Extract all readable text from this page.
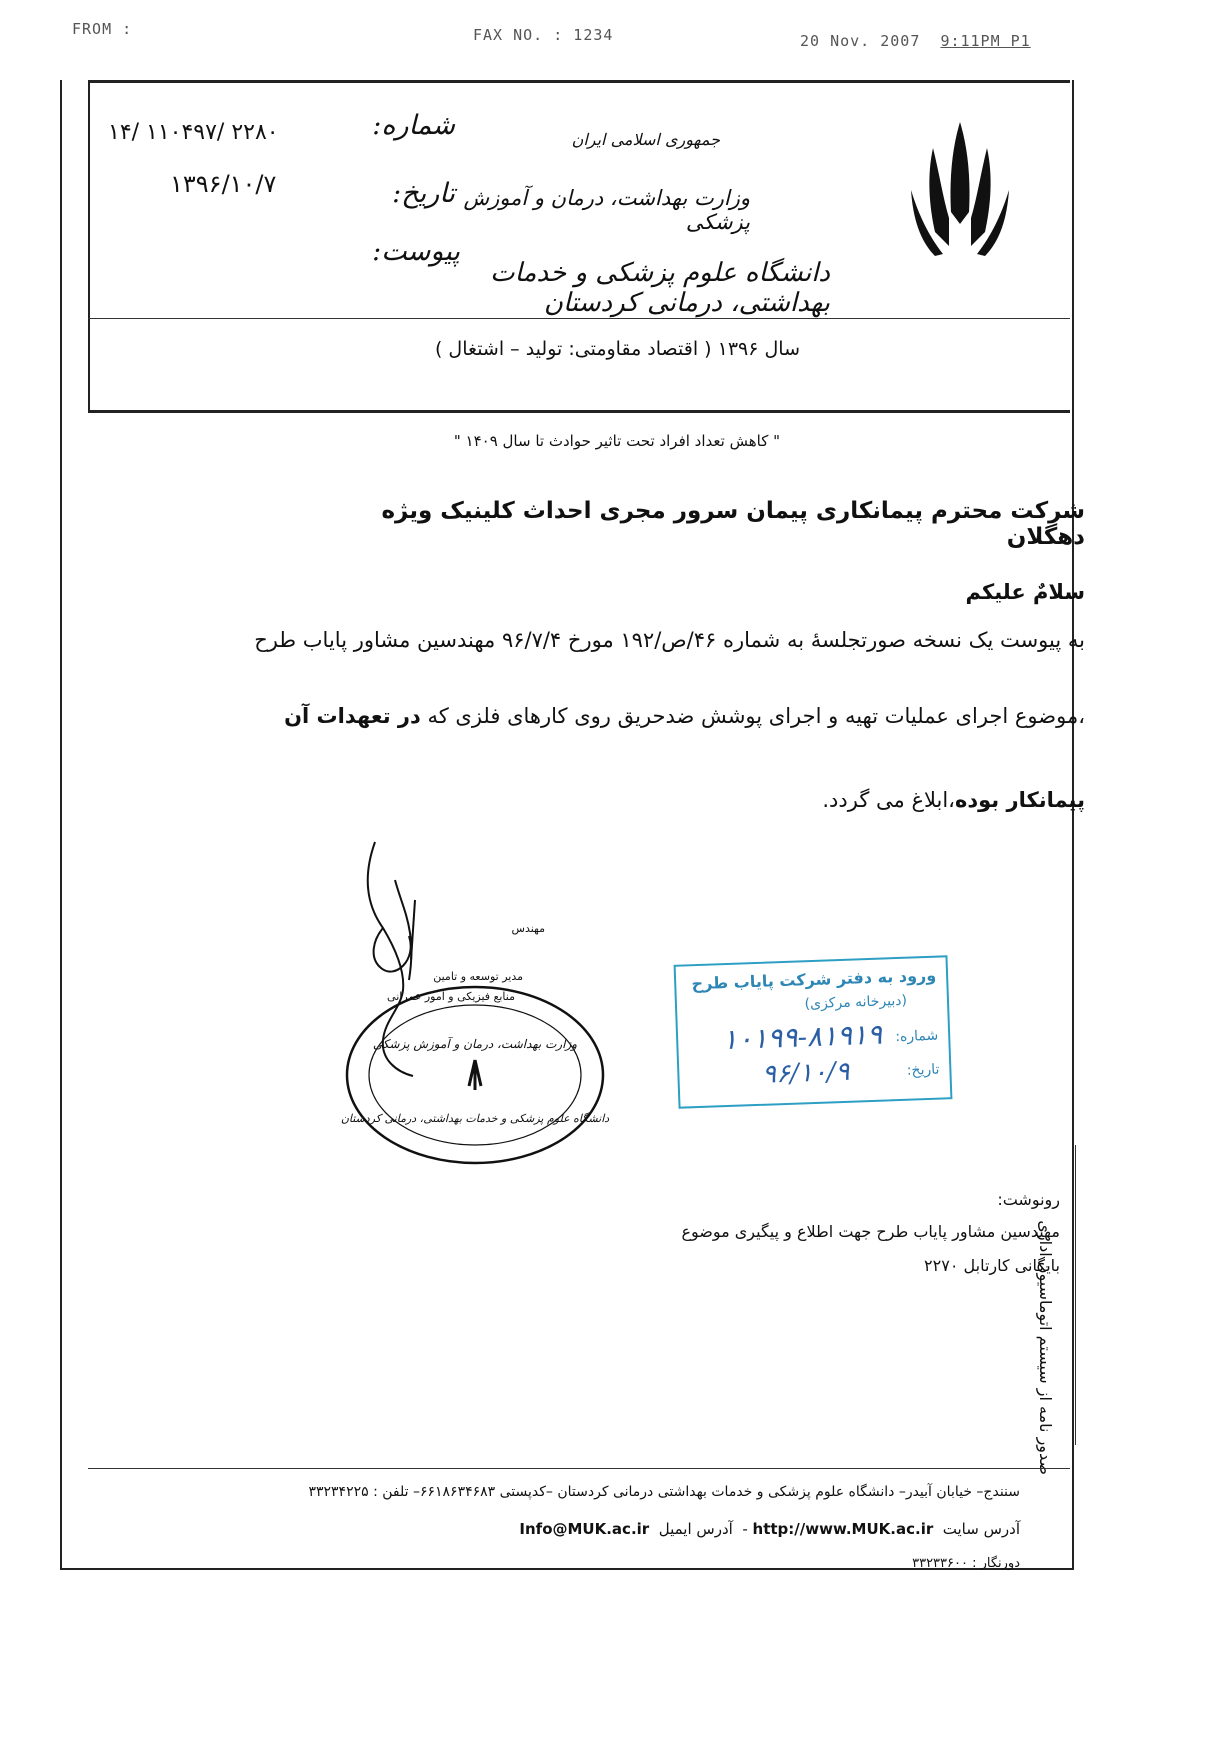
FROM :	FAX NO. : 1234	20 Nov. 2007 9:11PM P1
شماره:
تاریخ:
پیوست:
۱۴/ ۱۱۰۴۹۷/ ۲۲۸۰
۱۳۹۶/۱۰/۷
جمهوری اسلامی ایران
وزارت بهداشت، درمان و آموزش پزشکی
دانشگاه علوم پزشکی و خدمات بهداشتی، درمانی کردستان
سال ۱۳۹۶ ( اقتصاد مقاومتی: تولید – اشتغال )
" کاهش تعداد افراد تحت تاثیر حوادث تا سال ۱۴۰۹ "
شرکت محترم پیمانکاری پیمان سرور مجری احداث کلینیک ویژه دهگلان
سلامٌ علیکم
به پیوست یک نسخه صورتجلسهٔ به شماره ۴۶/ص/۱۹۲ مورخ ۹۶/۷/۴ مهندسین مشاور پایاب طرح
،موضوع اجرای عملیات تهیه و اجرای پوشش ضدحریق روی کارهای فلزی که در تعهدات آن
پیمانکار بوده،ابلاغ می گردد.
مهندس
مدیر توسعه و تامین
منابع فیزیکی و امور عمرانی
وزارت بهداشت، درمان و آموزش پزشکی
دانشگاه علوم پزشکی و خدمات بهداشتی، درمانی کردستان
ورود به دفتر شرکت پایاب طرح
(دبیرخانه مرکزی)
شماره:
تاریخ:
۱۰۱۹۹-۸۱۹۱۹
۹۶/۱۰/۹
رونوشت:
مهندسین مشاور پایاب طرح جهت اطلاع و پیگیری موضوع
بایگانی کارتابل ۲۲۷۰
صدور نامه از سیستم اتوماسیون اداری
سنندج– خیابان آبیدر– دانشگاه علوم پزشکی و خدمات بهداشتی درمانی کردستان –کدپستی ۶۶۱۸۶۳۴۶۸۳– تلفن : ۳۳۲۳۴۲۲۵
آدرس سایت  http://www.MUK.ac.ir -  آدرس ایمیل  Info@MUK.ac.ir
دورنگار : ۳۳۲۳۳۶۰۰
